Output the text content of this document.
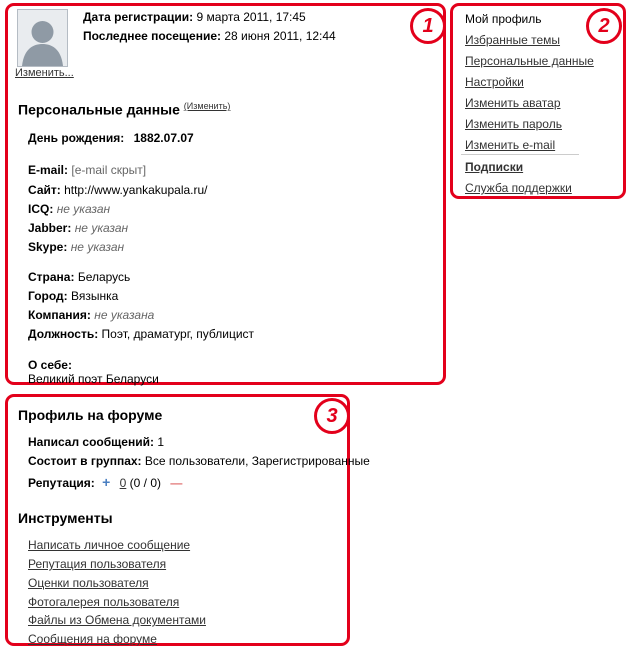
Изменить...
Дата регистрации: 9 марта 2011, 17:45
Последнее посещение: 28 июня 2011, 12:44
Персональные данные $^{(Изменить)}$
День рождения: 1882.07.07
E-mail: [e-mail скрыт]
Сайт: http://www.yankakupala.ru/
ICQ: не указан
Jabber: не указан
Skype: не указан
Страна: Беларусь
Город: Вязынка
Компания: не указана
Должность: Поэт, драматург, публицист
О себе:
Великий поэт Беларуси
1	Мой профиль
Избранные темы
Персональные данные
Настройки
Изменить аватар
Изменить пароль
Изменить e-mail
Подписки
Служба поддержки
2
Профиль на форуме
Написал сообщений: 1
Состоит в группах: Все пользователи, Зарегистрированные
Репутация: + 0 (0 / 0) —
Инструменты
Написать личное сообщение
Репутация пользователя
Оценки пользователя
Фотогалерея пользователя
Файлы из Обмена документами
Сообщения на форуме
3
